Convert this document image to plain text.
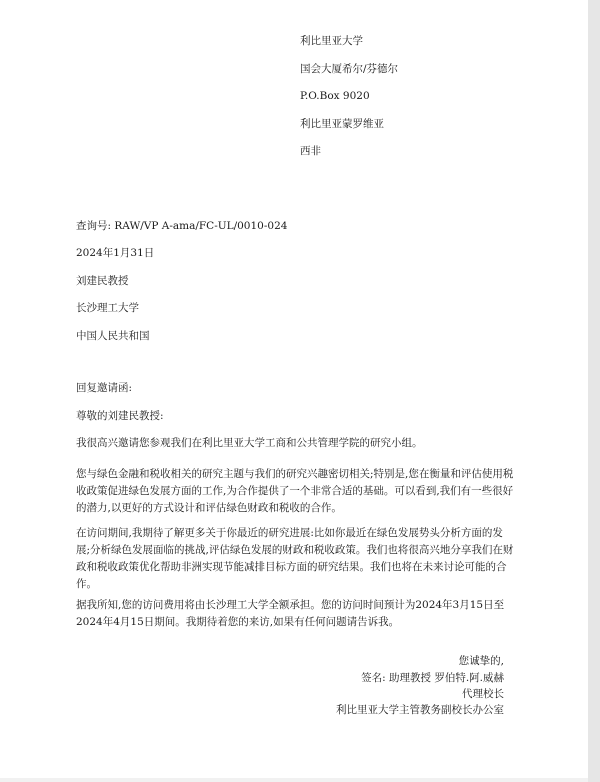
利比里亚大学
国会大厦希尔/芬德尔
P.O.Box 9020
利比里亚蒙罗维亚
西非
查询号: RAW/VP A-ama/FC-UL/0010-024
2024年1月31日
刘建民教授
长沙理工大学
中国人民共和国
回复邀请函:
尊敬的刘建民教授:
我很高兴邀请您参观我们在利比里亚大学工商和公共管理学院的研究小组。
您与绿色金融和税收相关的研究主题与我们的研究兴趣密切相关;特别是,您在衡量和评估使用税收政策促进绿色发展方面的工作,为合作提供了一个非常合适的基础。可以看到,我们有一些很好的潜力,以更好的方式设计和评估绿色财政和税收的合作。
在访问期间,我期待了解更多关于你最近的研究进展:比如你最近在绿色发展势头分析方面的发展;分析绿色发展面临的挑战,评估绿色发展的财政和税收政策。我们也将很高兴地分享我们在财政和税收政策优化帮助非洲实现节能减排目标方面的研究结果。我们也将在未来讨论可能的合作。
据我所知,您的访问费用将由长沙理工大学全额承担。您的访问时间预计为2024年3月15日至2024年4月15日期间。我期待着您的来访,如果有任何问题请告诉我。
您诚挚的,
签名: 助理教授 罗伯特.阿.威赫
代理校长
利比里亚大学主管教务副校长办公室
